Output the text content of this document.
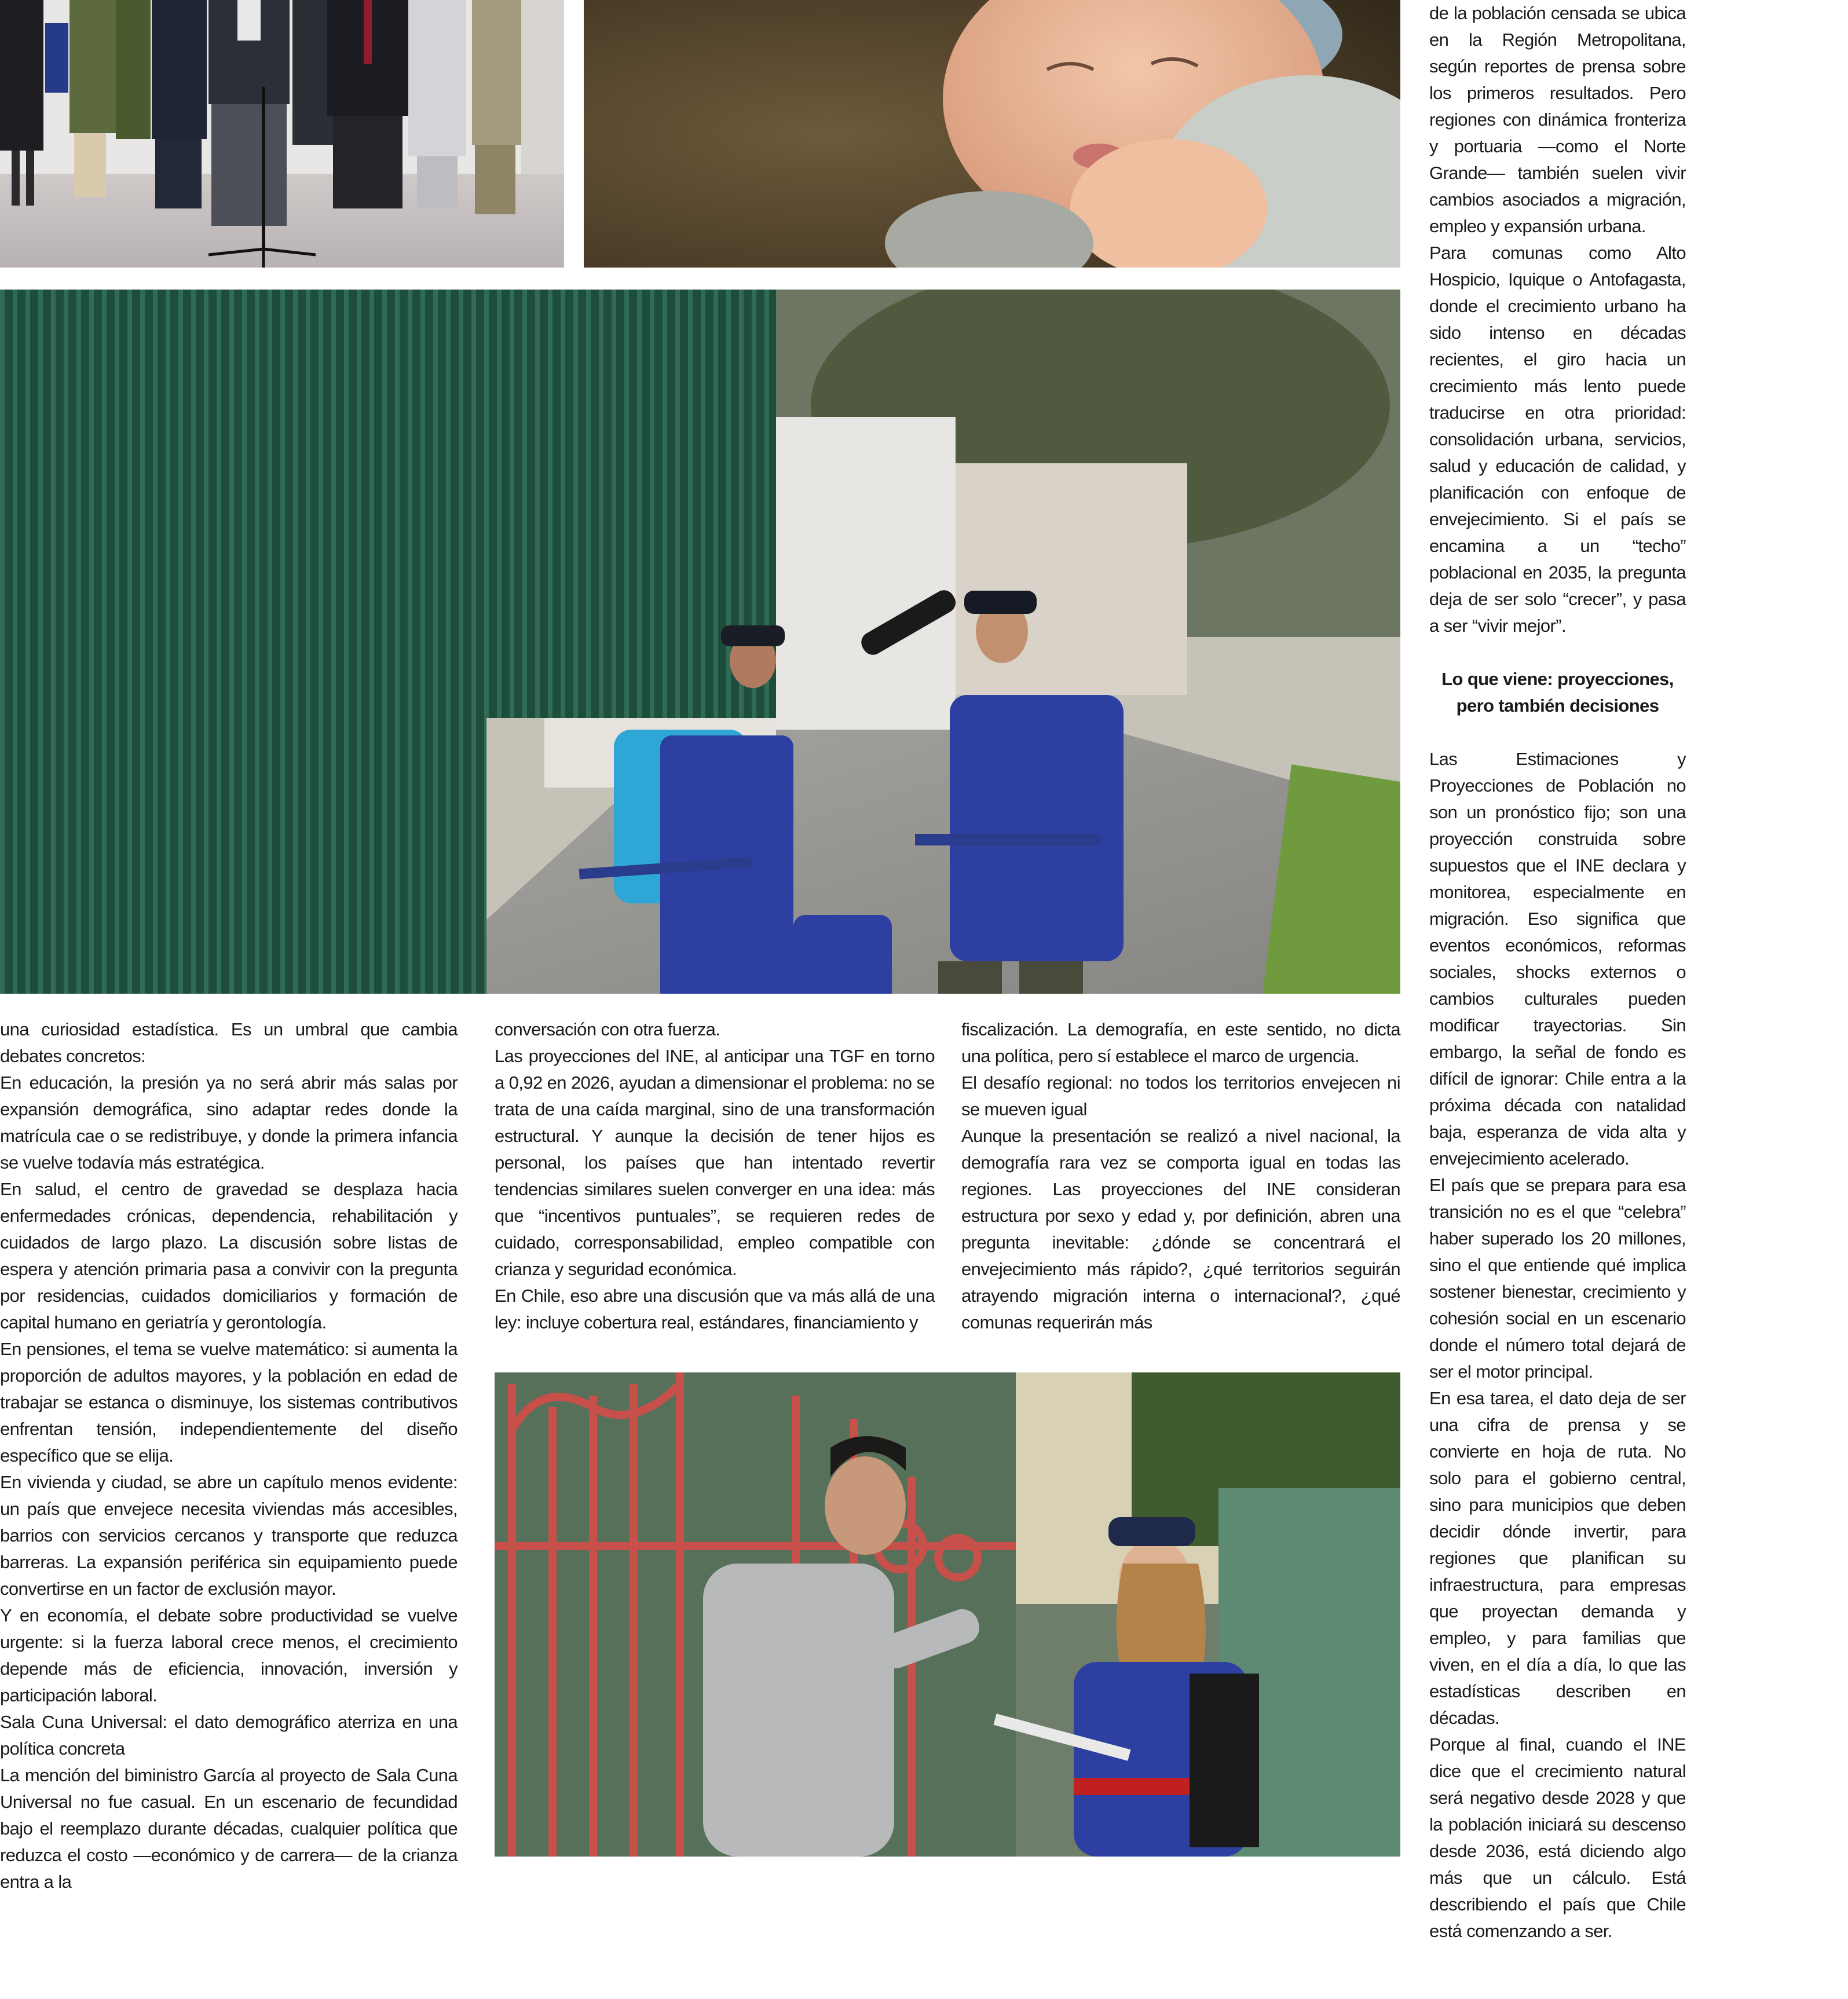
una curiosidad estadística. Es un umbral que cambia debates concretos:

En educación, la presión ya no será abrir más salas por expansión demográfica, sino adaptar redes donde la matrícula cae o se redistribuye, y donde la primera infancia se vuelve todavía más estratégica.

En salud, el centro de gravedad se desplaza hacia enfermedades crónicas, dependencia, rehabilitación y cuidados de largo plazo. La discusión sobre listas de espera y atención primaria pasa a convivir con la pregunta por residencias, cuidados domiciliarios y formación de capital humano en geriatría y gerontología.

En pensiones, el tema se vuelve matemático: si aumenta la proporción de adultos mayores, y la población en edad de trabajar se estanca o disminuye, los sistemas contributivos enfrentan tensión, independientemente del diseño específico que se elija.

En vivienda y ciudad, se abre un capítulo menos evidente: un país que envejece necesita viviendas más accesibles, barrios con servicios cercanos y transporte que reduzca barreras. La expansión periférica sin equipamiento puede convertirse en un factor de exclusión mayor.

Y en economía, el debate sobre productividad se vuelve urgente: si la fuerza laboral crece menos, el crecimiento depende más de eficiencia, innovación, inversión y participación laboral.

Sala Cuna Universal: el dato demográfico aterriza en una política concreta

La mención del biministro García al proyecto de Sala Cuna Universal no fue casual. En un escenario de fecundidad bajo el reemplazo durante décadas, cualquier política que reduzca el costo —económico y de carrera— de la crianza entra a la

conversación con otra fuerza.

Las proyecciones del INE, al anticipar una TGF en torno a 0,92 en 2026, ayudan a dimensionar el problema: no se trata de una caída marginal, sino de una transformación estructural. Y aunque la decisión de tener hijos es personal, los países que han intentado revertir tendencias similares suelen converger en una idea: más que “incentivos puntuales”, se requieren redes de cuidado, corresponsabilidad, empleo compatible con crianza y seguridad económica.

En Chile, eso abre una discusión que va más allá de una ley: incluye cobertura real, estándares, financiamiento y

fiscalización. La demografía, en este sentido, no dicta una política, pero sí establece el marco de urgencia.

El desafío regional: no todos los territorios envejecen ni se mueven igual

Aunque la presentación se realizó a nivel nacional, la demografía rara vez se comporta igual en todas las regiones. Las proyecciones del INE consideran estructura por sexo y edad y, por definición, abren una pregunta inevitable: ¿dónde se concentrará el envejecimiento más rápido?, ¿qué territorios seguirán atrayendo migración interna o internacional?, ¿qué comunas requerirán más

de la población censada se ubica en la Región Metropolitana, según reportes de prensa sobre los primeros resultados. Pero regiones con dinámica fronteriza y portuaria —como el Norte Grande— también suelen vivir cambios asociados a migración, empleo y expansión urbana.

Para comunas como Alto Hospicio, Iquique o Antofagasta, donde el crecimiento urbano ha sido intenso en décadas recientes, el giro hacia un crecimiento más lento puede traducirse en otra prioridad: consolidación urbana, servicios, salud y educación de calidad, y planificación con enfoque de envejecimiento. Si el país se encamina a un “techo” poblacional en 2035, la pregunta deja de ser solo “crecer”, y pasa a ser “vivir mejor”.

Lo que viene: proyecciones, pero también decisiones

Las Estimaciones y Proyecciones de Población no son un pronóstico fijo; son una proyección construida sobre supuestos que el INE declara y monitorea, especialmente en migración. Eso significa que eventos económicos, reformas sociales, shocks externos o cambios culturales pueden modificar trayectorias. Sin embargo, la señal de fondo es difícil de ignorar: Chile entra a la próxima década con natalidad baja, esperanza de vida alta y envejecimiento acelerado.

El país que se prepara para esa transición no es el que “celebra” haber superado los 20 millones, sino el que entiende qué implica sostener bienestar, crecimiento y cohesión social en un escenario donde el número total dejará de ser el motor principal.

En esa tarea, el dato deja de ser una cifra de prensa y se convierte en hoja de ruta. No solo para el gobierno central, sino para municipios que deben decidir dónde invertir, para regiones que planifican su infraestructura, para empresas que proyectan demanda y empleo, y para familias que viven, en el día a día, lo que las estadísticas describen en décadas.

Porque al final, cuando el INE dice que el crecimiento natural será negativo desde 2028 y que la población iniciará su descenso desde 2036, está diciendo algo más que un cálculo. Está describiendo el país que Chile está comenzando a ser.
